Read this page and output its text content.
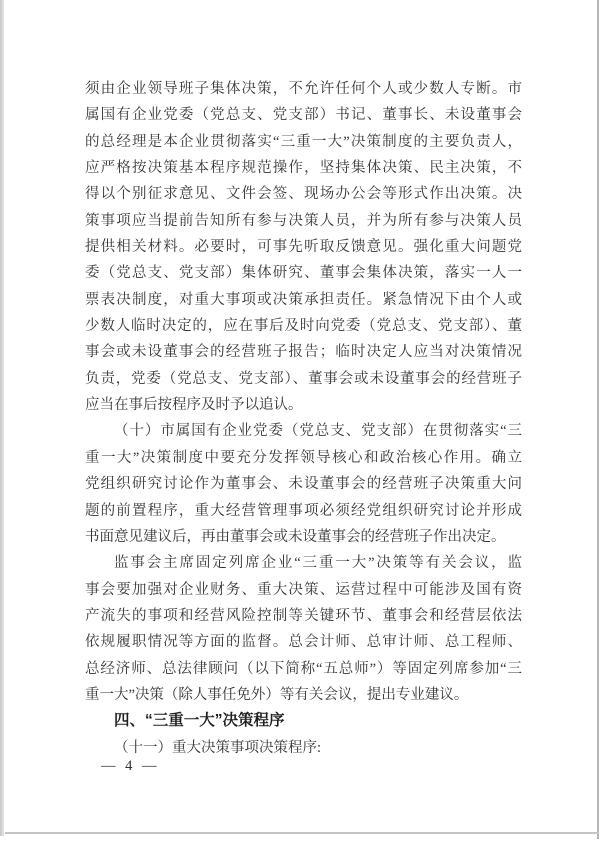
须由企业领导班子集体决策，不允许任何个人或少数人专断。市
属国有企业党委（党总支、党支部）书记、董事长、未设董事会
的总经理是本企业贯彻落实“三重一大”决策制度的主要负责人，
应严格按决策基本程序规范操作，坚持集体决策、民主决策，不
得以个别征求意见、文件会签、现场办公会等形式作出决策。决
策事项应当提前告知所有参与决策人员，并为所有参与决策人员
提供相关材料。必要时，可事先听取反馈意见。强化重大问题党
委（党总支、党支部）集体研究、董事会集体决策，落实一人一
票表决制度，对重大事项或决策承担责任。紧急情况下由个人或
少数人临时决定的，应在事后及时向党委（党总支、党支部）、董
事会或未设董事会的经营班子报告；临时决定人应当对决策情况
负责，党委（党总支、党支部）、董事会或未设董事会的经营班子
应当在事后按程序及时予以追认。
（十）市属国有企业党委（党总支、党支部）在贯彻落实“三
重一大”决策制度中要充分发挥领导核心和政治核心作用。确立
党组织研究讨论作为董事会、未设董事会的经营班子决策重大问
题的前置程序，重大经营管理事项必须经党组织研究讨论并形成
书面意见建议后，再由董事会或未设董事会的经营班子作出决定。
监事会主席固定列席企业“三重一大”决策等有关会议，监
事会要加强对企业财务、重大决策、运营过程中可能涉及国有资
产流失的事项和经营风险控制等关键环节、董事会和经营层依法
依规履职情况等方面的监督。总会计师、总审计师、总工程师、
总经济师、总法律顾问（以下简称“五总师”）等固定列席参加“三
重一大”决策（除人事任免外）等有关会议，提出专业建议。
四、“三重一大”决策程序
（十一）重大决策事项决策程序:
— 4 —
